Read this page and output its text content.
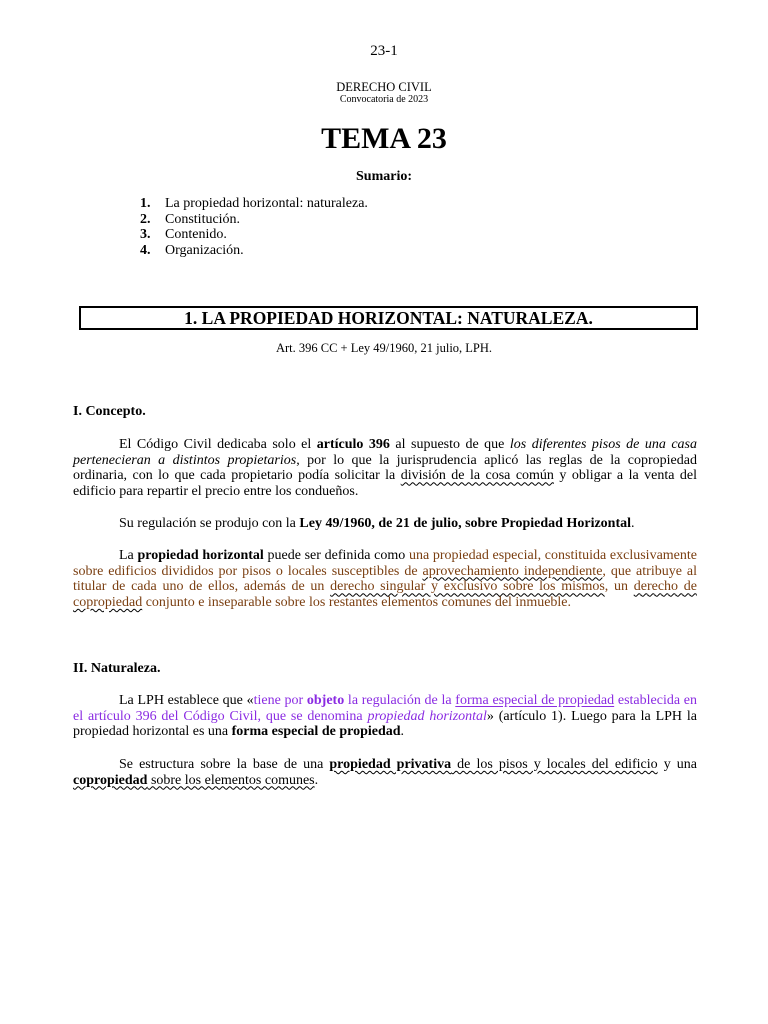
23-1
DERECHO CIVIL
Convocatoria de 2023
TEMA 23
Sumario:
1.	La propiedad horizontal: naturaleza.
2.	Constitución.
3.	Contenido.
4.	Organización.
1. LA PROPIEDAD HORIZONTAL: NATURALEZA.
Art. 396 CC + Ley 49/1960, 21 julio, LPH.
I. Concepto.

El Código Civil dedicaba solo el artículo 396 al supuesto de que los diferentes pisos de una casa pertenecieran a distintos propietarios, por lo que la jurisprudencia aplicó las reglas de la copropiedad ordinaria, con lo que cada propietario podía solicitar la división de la cosa común y obligar a la venta del edificio para repartir el precio entre los condueños.

Su regulación se produjo con la Ley 49/1960, de 21 de julio, sobre Propiedad Horizontal.

La propiedad horizontal puede ser definida como una propiedad especial, constituida exclusivamente sobre edificios divididos por pisos o locales susceptibles de aprovechamiento independiente, que atribuye al titular de cada uno de ellos, además de un derecho singular y exclusivo sobre los mismos, un derecho de copropiedad conjunto e inseparable sobre los restantes elementos comunes del inmueble.

II. Naturaleza.

La LPH establece que «tiene por objeto la regulación de la forma especial de propiedad establecida en el artículo 396 del Código Civil, que se denomina propiedad horizontal» (artículo 1). Luego para la LPH la propiedad horizontal es una forma especial de propiedad.

Se estructura sobre la base de una propiedad privativa de los pisos y locales del edificio y una copropiedad sobre los elementos comunes.
